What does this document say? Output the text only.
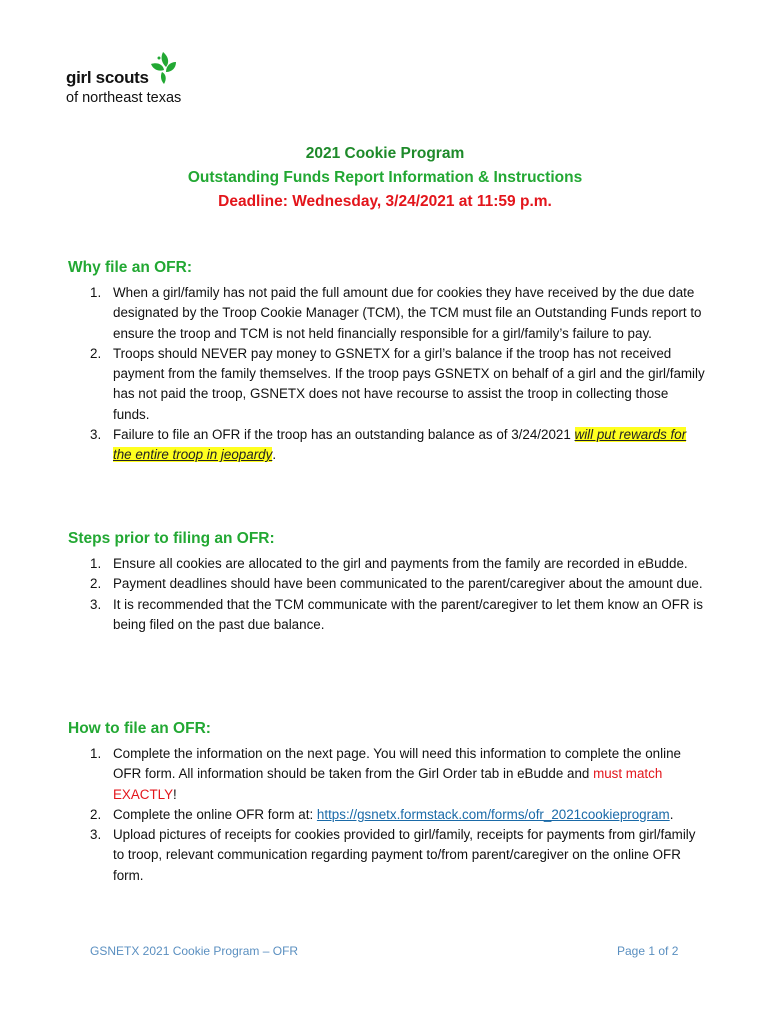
girl scouts
of northeast texas
2021 Cookie Program
Outstanding Funds Report Information & Instructions
Deadline: Wednesday, 3/24/2021 at 11:59 p.m.
Why file an OFR:
1. When a girl/family has not paid the full amount due for cookies they have received by the due date designated by the Troop Cookie Manager (TCM), the TCM must file an Outstanding Funds report to ensure the troop and TCM is not held financially responsible for a girl/family’s failure to pay.
2. Troops should NEVER pay money to GSNETX for a girl’s balance if the troop has not received payment from the family themselves. If the troop pays GSNETX on behalf of a girl and the girl/family has not paid the troop, GSNETX does not have recourse to assist the troop in collecting those funds.
3. Failure to file an OFR if the troop has an outstanding balance as of 3/24/2021 will put rewards for the entire troop in jeopardy.
Steps prior to filing an OFR:
1. Ensure all cookies are allocated to the girl and payments from the family are recorded in eBudde.
2. Payment deadlines should have been communicated to the parent/caregiver about the amount due.
3. It is recommended that the TCM communicate with the parent/caregiver to let them know an OFR is being filed on the past due balance.
How to file an OFR:
1. Complete the information on the next page. You will need this information to complete the online OFR form. All information should be taken from the Girl Order tab in eBudde and must match EXACTLY!
2. Complete the online OFR form at: https://gsnetx.formstack.com/forms/ofr_2021cookieprogram.
3. Upload pictures of receipts for cookies provided to girl/family, receipts for payments from girl/family to troop, relevant communication regarding payment to/from parent/caregiver on the online OFR form.
GSNETX 2021 Cookie Program – OFR	Page 1 of 2
